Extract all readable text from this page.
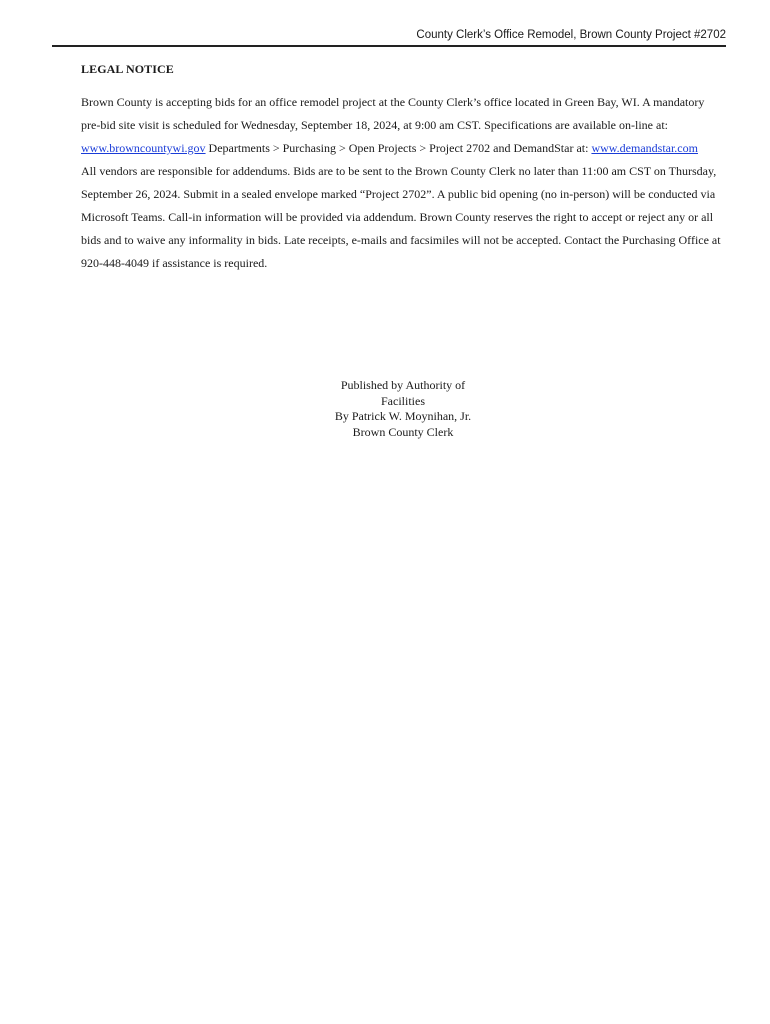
County Clerk’s Office Remodel, Brown County Project #2702
LEGAL NOTICE

Brown County is accepting bids for an office remodel project at the County Clerk’s office located in Green Bay, WI. A mandatory pre-bid site visit is scheduled for Wednesday, September 18, 2024, at 9:00 am CST. Specifications are available on-line at: www.browncountywi.gov Departments > Purchasing > Open Projects > Project 2702 and DemandStar at: www.demandstar.com

All vendors are responsible for addendums. Bids are to be sent to the Brown County Clerk no later than 11:00 am CST on Thursday, September 26, 2024. Submit in a sealed envelope marked “Project 2702”. A public bid opening (no in-person) will be conducted via Microsoft Teams. Call-in information will be provided via addendum. Brown County reserves the right to accept or reject any or all bids and to waive any informality in bids. Late receipts, e-mails and facsimiles will not be accepted. Contact the Purchasing Office at 920-448-4049 if assistance is required.

Published by Authority of
Facilities
By Patrick W. Moynihan, Jr.
Brown County Clerk
